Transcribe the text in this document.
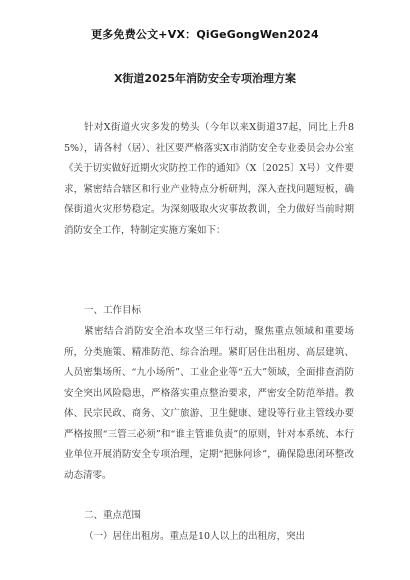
更多免费公文+VX：QiGeGongWen2024
X街道2025年消防安全专项治理方案
针对X街道火灾多发的势头（今年以来X街道37起，同比上升85%），请各村（居）、社区要严格落实X市消防安全专业委员会办公室《关于切实做好近期火灾防控工作的通知》（X〔2025〕X号）文件要求，紧密结合辖区和行业产业特点分析研判，深入查找问题短板，确保街道火灾形势稳定。为深刻吸取火灾事故教训，全力做好当前时期消防安全工作，特制定实施方案如下：
一、工作目标
紧密结合消防安全治本攻坚三年行动，聚焦重点领域和重要场所，分类施策、精准防范、综合治理。紧盯居住出租房、高层建筑、人员密集场所、“九小场所”、工业企业等“五大”领域，全面排查消防安全突出风险隐患，严格落实重点整治要求，严密安全防范举措。教体、民宗民政、商务、文广旅游、卫生健康、建设等行业主管线办要严格按照“三管三必须”和“谁主管谁负责”的原则，针对本系统、本行业单位开展消防安全专项治理，定期“把脉问诊”，确保隐患闭环整改动态清零。
二、重点范围
（一）居住出租房。重点是10人以上的出租房，突出
